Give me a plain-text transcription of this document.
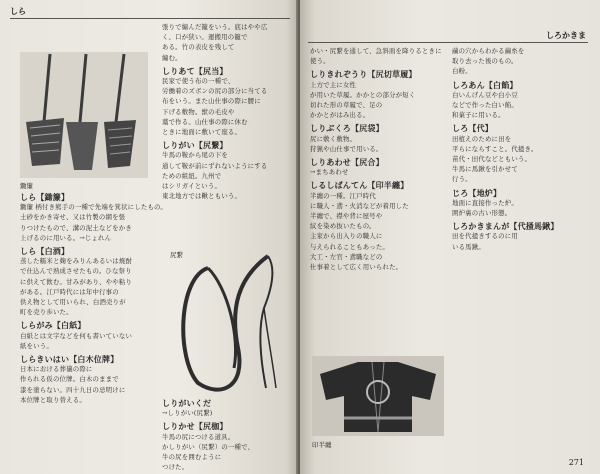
しら
鋤簾
しら【鋤簾】
鋤簾 柄付き熊手の一種で先端を箕状にしたもの。
土砂をかき寄せ、又は竹製の網を張
りつけたもので、溝の泥土などをかき
上げるのに用いる。→じょれん
しら【白酒】
蒸した糯米と麹をみりんあるいは焼酎
で仕込んで熟成させたもの。ひな祭り
に供えて飲む。甘みがあり、やや粘り
がある。江戸時代には年中行事の
供え物として用いられ、白酒売りが
町を売り歩いた。
しらがみ【白紙】
白紙とは文字などを何も書いていない
紙をいう。
しらきいはい【白木位牌】
日本における葬儀の際に
作られる仮の位牌。白木のままで
漆を塗らない。四十九日の忌明けに
本位牌と取り替える。
張りで編んだ籠をいう。底はやや広
く、口が狭い。運搬用の籠で
ある。竹の表皮を残して
編む。
しりあて【尻当】
民家で使う布の一種で、
労働着のズボンの尻の部分に当てる
布をいう。また山仕事の際に腰に
下げる敷物。獣の毛皮や
藁で作る。山仕事の際に休む
ときに地面に敷いて座る。
しりがい【尻繋】
牛馬の鞍から尾の下を
通して鞍が前にずれないようにする
ための組紐。九州で
はシリガイという。
東北地方では鞦ともいう。
尻繋
しりがいくだ
→しりがい(尻繋)
しりかせ【尻枷】
牛馬の尻につける道具。
かしりがい（尻繋）の一種で、
牛の尻を囲むように
つけた。
しろかきま
かい・尻繋を通して、急斜面を降りるときに
使う。
しりきれぞうり【尻切草履】
上方で主に女性
が用いた草履。かかとの部分が短く
切れた形の草履で、足の
かかとがはみ出る。
しりぶくろ【尻袋】
尻に敷く敷物。
狩猟や山仕事で用いる。
しりあわせ【尻合】
→まちあわせ
しるしばんてん【印半纏】
半纏の一種。江戸時代
に職人・鳶・火消などが着用した
半纏で、襟や背に屋号や
紋を染め抜いたもの。
主家から出入りの職人に
与えられることもあった。
大工・左官・鳶職などの
仕事着として広く用いられた。
印半纏
繭の穴からわかる繭糸を
取り去った後のもの。
白粉。
しろあん【白餡】
白いんげん豆や白小豆
などで作った白い餡。
和菓子に用いる。
しろ【代】
田植えのために田を
平らにならすこと。代掻き。
苗代・田代などともいう。
牛馬に馬鍬を引かせて
行う。
じろ【地炉】
地面に直接作った炉。
囲炉裏の古い形態。
しろかきまんが【代掻馬鍬】
田を代掻きするのに用
いる馬鍬。
271
